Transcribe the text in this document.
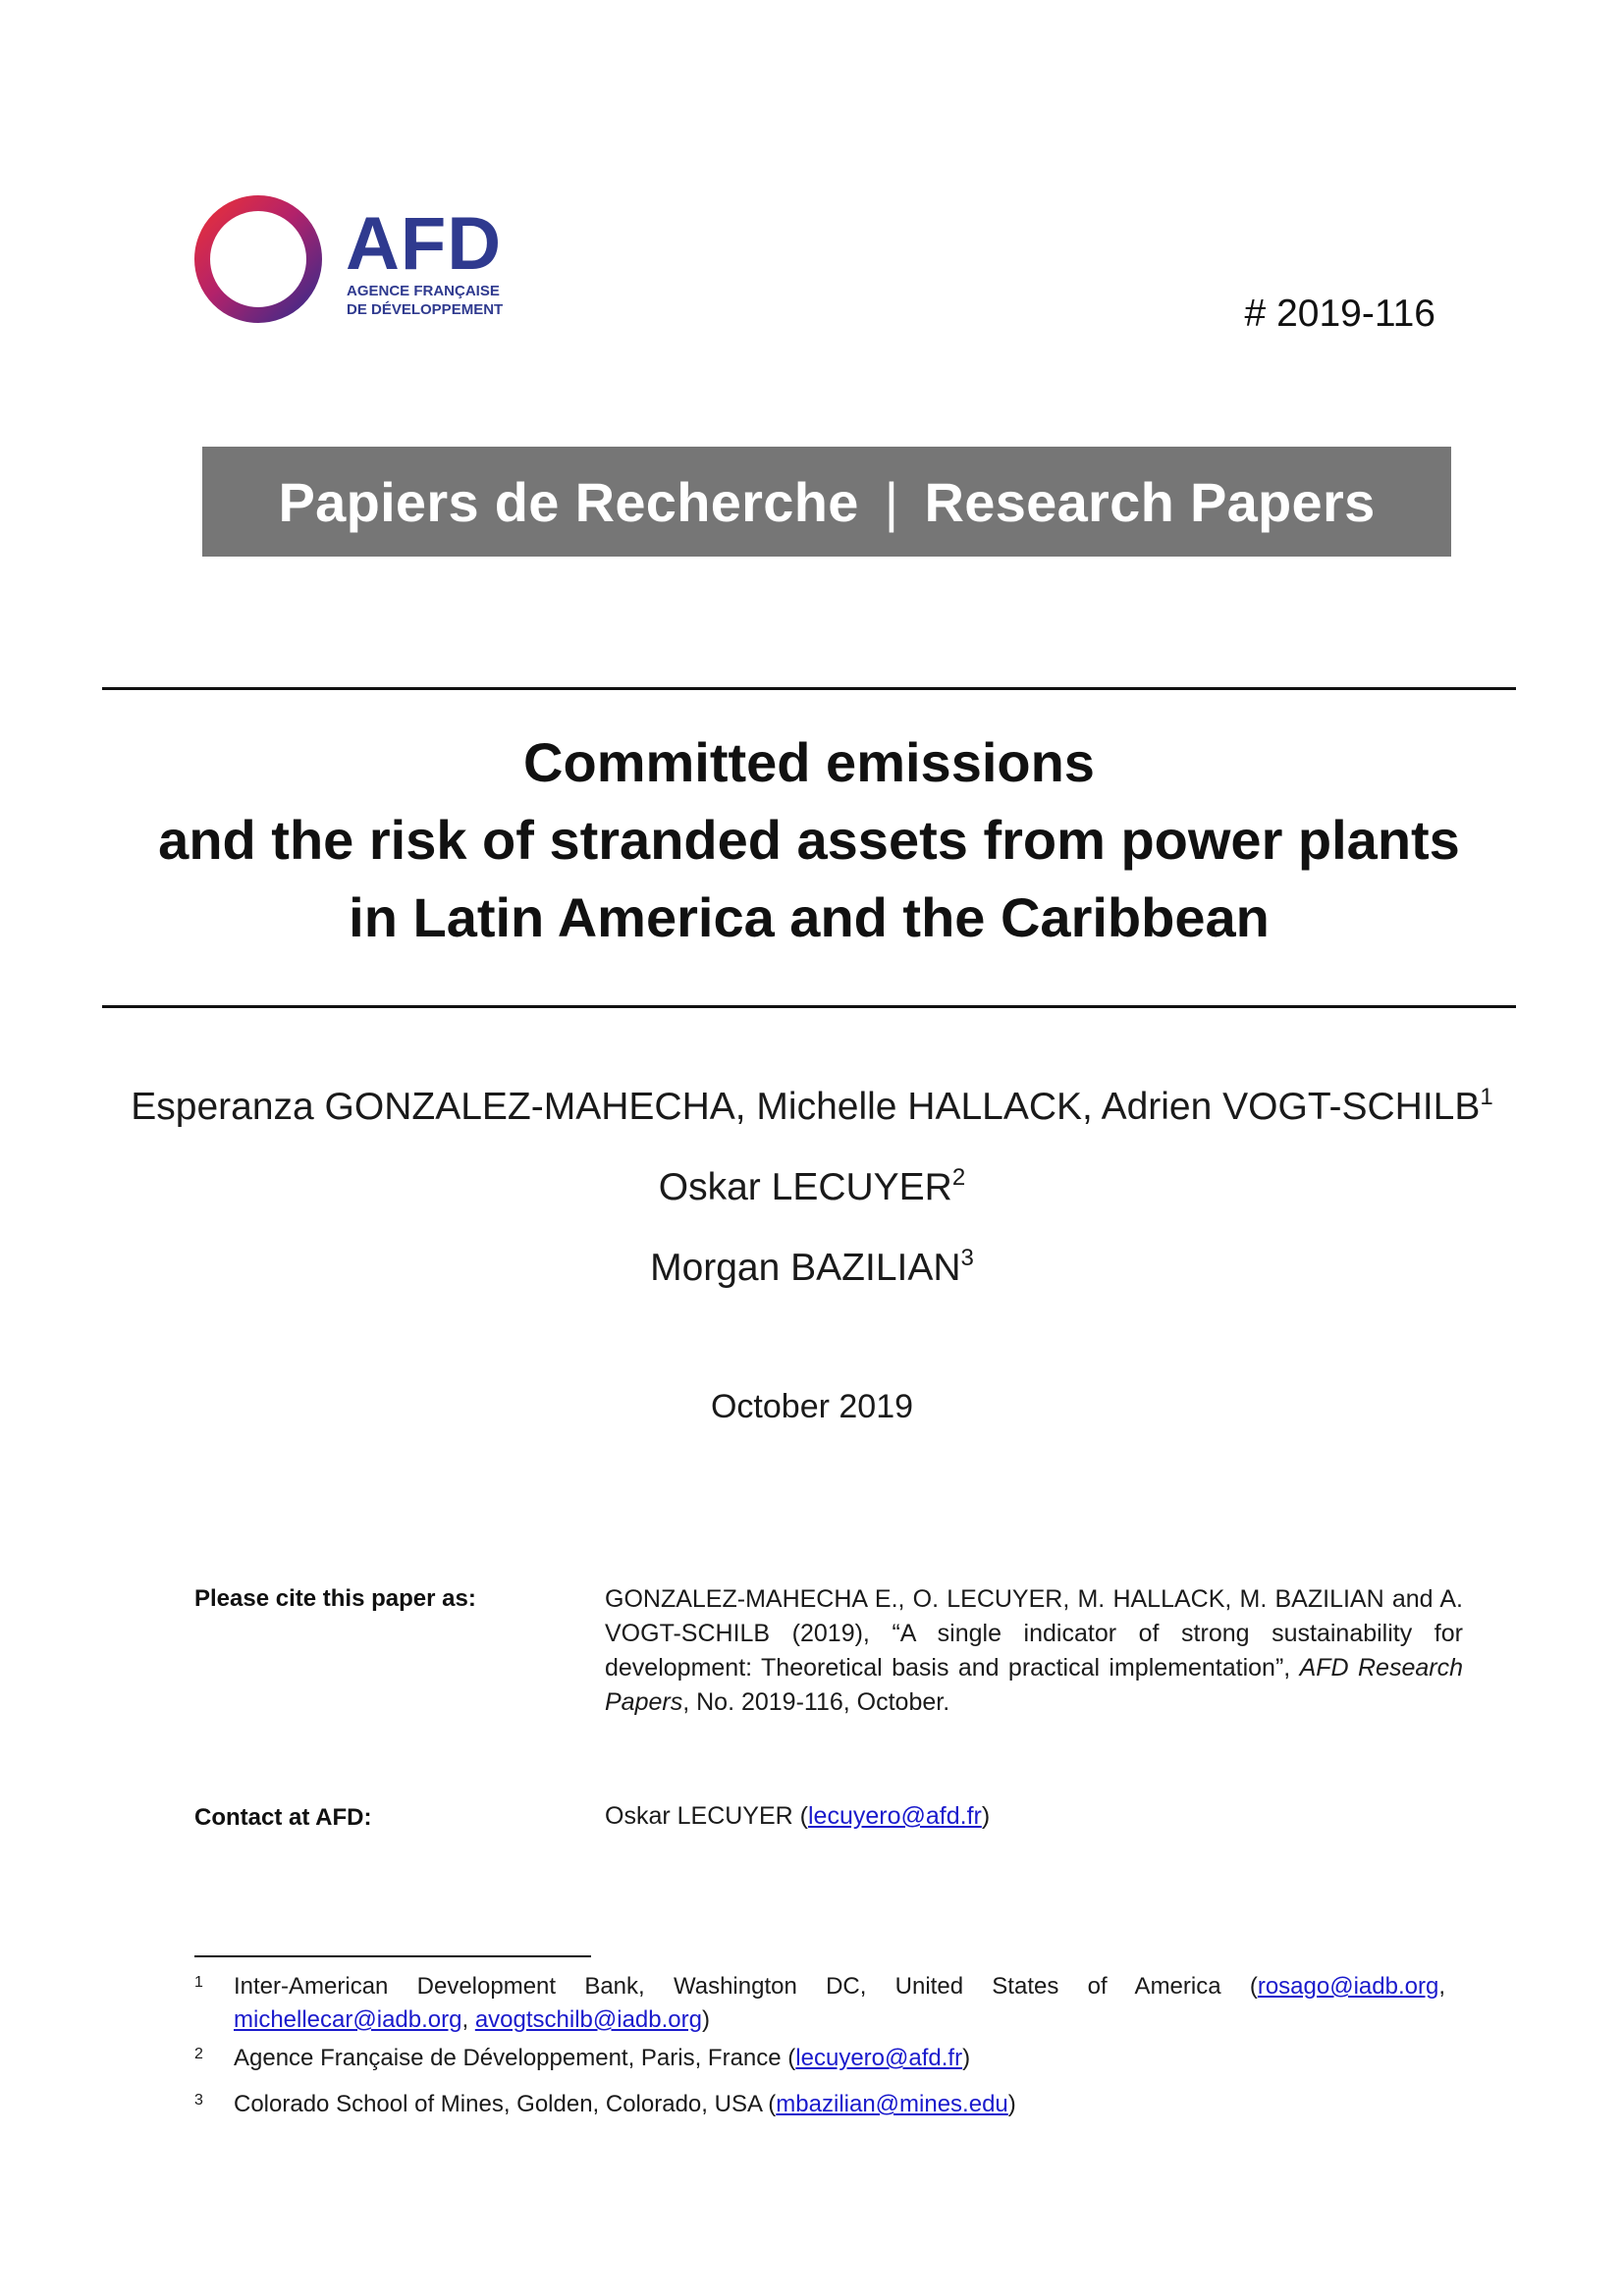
AFD
AGENCE FRANÇAISE
DE DÉVELOPPEMENT	# 2019-116
Papiers de Recherche | Research Papers
Committed emissions
and the risk of stranded assets from power plants
in Latin America and the Caribbean
Esperanza GONZALEZ-MAHECHA, Michelle HALLACK, Adrien VOGT-SCHILB$^1$
Oskar LECUYER$^2$
Morgan BAZILIAN$^3$
October 2019
Please cite this paper as:	GONZALEZ-MAHECHA E., O. LECUYER, M. HALLACK, M. BAZILIAN and A. VOGT-SCHILB (2019), “A single indicator of strong sustainability for development: Theoretical basis and practical implementation”, AFD Research Papers, No. 2019-116, October.
Contact at AFD:	Oskar LECUYER (lecuyero@afd.fr)
1 Inter-American Development Bank, Washington DC, United States of America (rosago@iadb.org, michellecar@iadb.org, avogtschilb@iadb.org)
2 Agence Française de Développement, Paris, France (lecuyero@afd.fr)
3 Colorado School of Mines, Golden, Colorado, USA (mbazilian@mines.edu)
